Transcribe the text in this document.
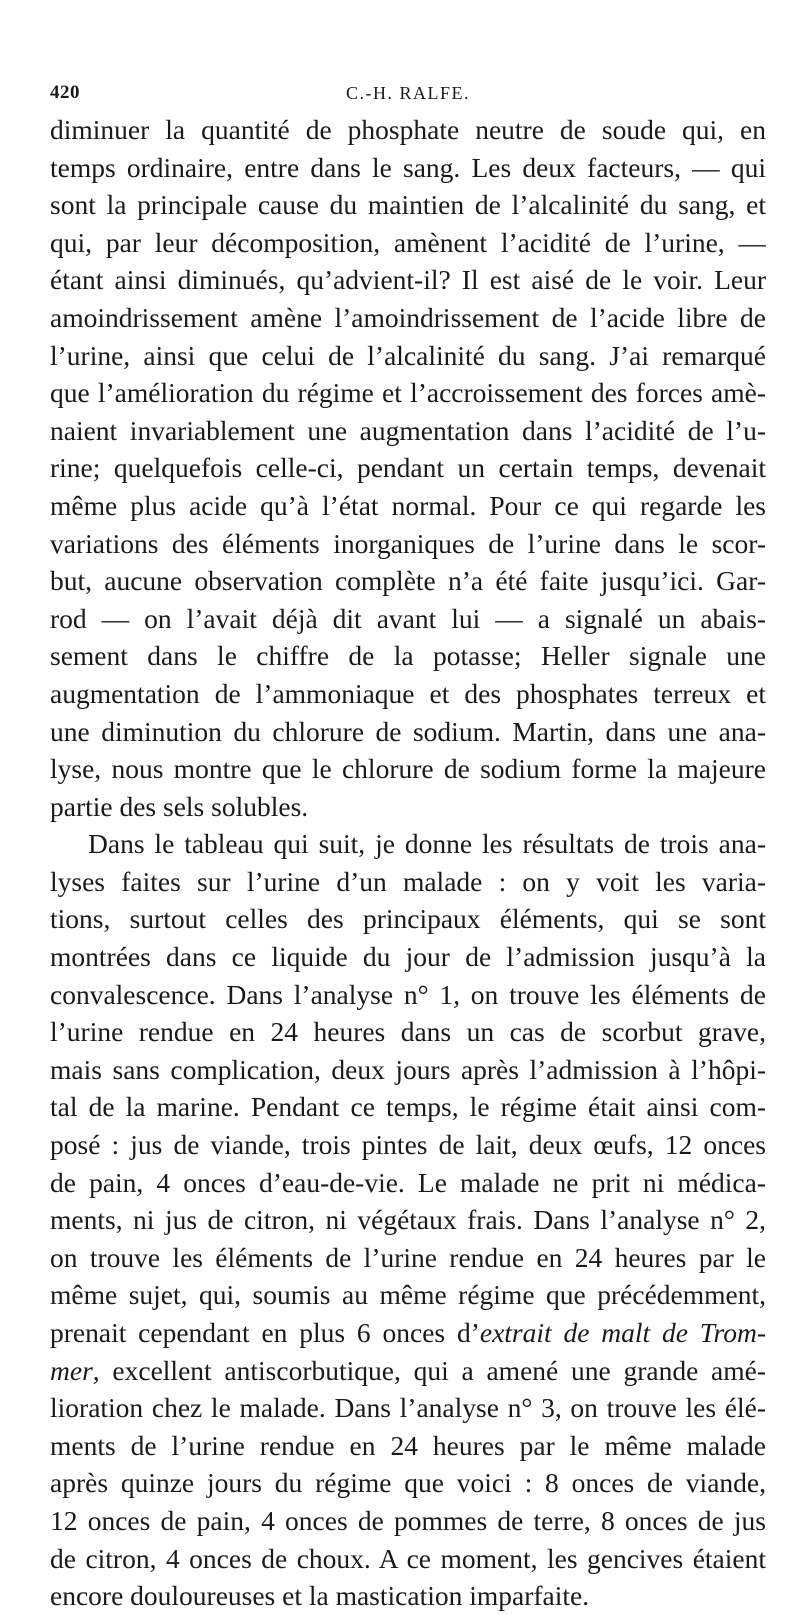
420	C.-H. RALFE.
diminuer la quantité de phosphate neutre de soude qui, en
temps ordinaire, entre dans le sang. Les deux facteurs, — qui
sont la principale cause du maintien de l’alcalinité du sang, et
qui, par leur décomposition, amènent l’acidité de l’urine, —
étant ainsi diminués, qu’advient-il? Il est aisé de le voir. Leur
amoindrissement amène l’amoindrissement de l’acide libre de
l’urine, ainsi que celui de l’alcalinité du sang. J’ai remarqué
que l’amélioration du régime et l’accroissement des forces amè-
naient invariablement une augmentation dans l’acidité de l’u-
rine; quelquefois celle-ci, pendant un certain temps, devenait
même plus acide qu’à l’état normal. Pour ce qui regarde les
variations des éléments inorganiques de l’urine dans le scor-
but, aucune observation complète n’a été faite jusqu’ici. Gar-
rod — on l’avait déjà dit avant lui — a signalé un abais-
sement dans le chiffre de la potasse; Heller signale une
augmentation de l’ammoniaque et des phosphates terreux et
une diminution du chlorure de sodium. Martin, dans une ana-
lyse, nous montre que le chlorure de sodium forme la majeure
partie des sels solubles.
Dans le tableau qui suit, je donne les résultats de trois ana-
lyses faites sur l’urine d’un malade : on y voit les varia-
tions, surtout celles des principaux éléments, qui se sont
montrées dans ce liquide du jour de l’admission jusqu’à la
convalescence. Dans l’analyse n° 1, on trouve les éléments de
l’urine rendue en 24 heures dans un cas de scorbut grave,
mais sans complication, deux jours après l’admission à l’hôpi-
tal de la marine. Pendant ce temps, le régime était ainsi com-
posé : jus de viande, trois pintes de lait, deux œufs, 12 onces
de pain, 4 onces d’eau-de-vie. Le malade ne prit ni médica-
ments, ni jus de citron, ni végétaux frais. Dans l’analyse n° 2,
on trouve les éléments de l’urine rendue en 24 heures par le
même sujet, qui, soumis au même régime que précédemment,
prenait cependant en plus 6 onces d’extrait de malt de Trom-
mer, excellent antiscorbutique, qui a amené une grande amé-
lioration chez le malade. Dans l’analyse n° 3, on trouve les élé-
ments de l’urine rendue en 24 heures par le même malade
après quinze jours du régime que voici : 8 onces de viande,
12 onces de pain, 4 onces de pommes de terre, 8 onces de jus
de citron, 4 onces de choux. A ce moment, les gencives étaient
encore douloureuses et la mastication imparfaite.
